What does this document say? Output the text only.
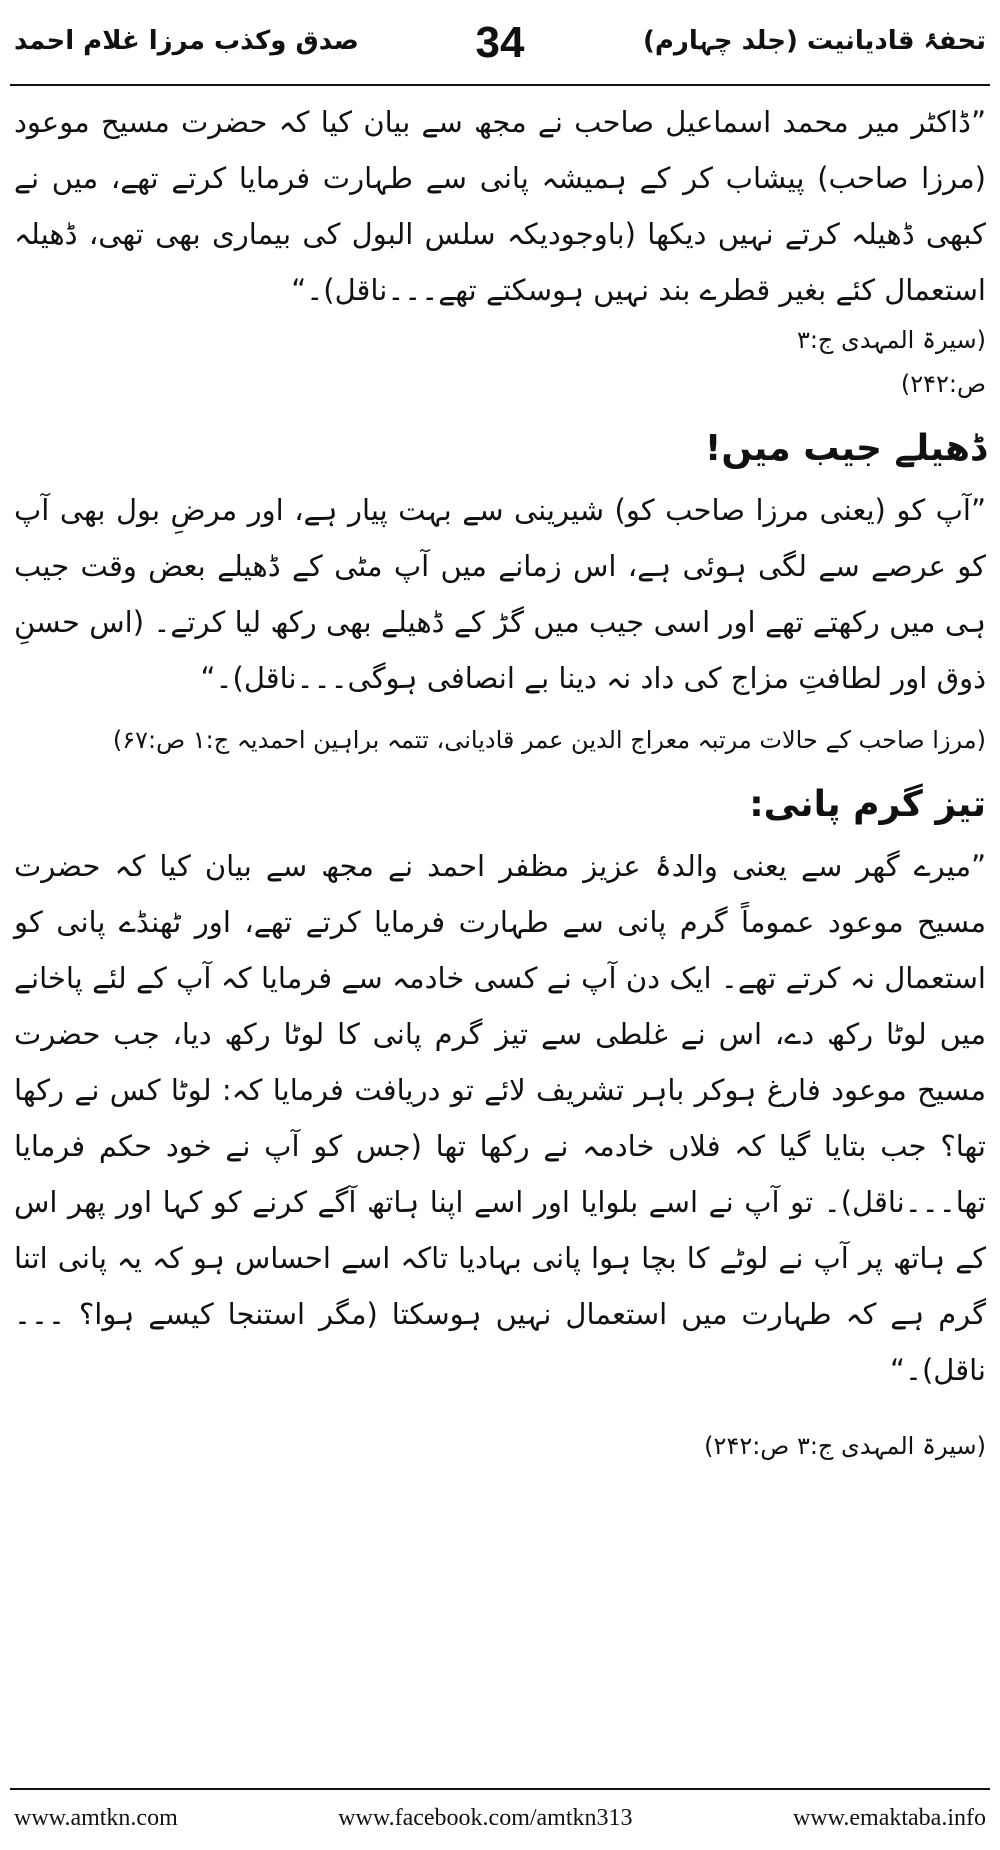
تحفۂ قادیانیت (جلد چہارم)
34
صدق وکذب مرزا غلام احمد

”ڈاکٹر میر محمد اسماعیل صاحب نے مجھ سے بیان کیا کہ حضرت مسیح موعود (مرزا صاحب) پیشاب کر کے ہمیشہ پانی سے طہارت فرمایا کرتے تھے، میں نے کبھی ڈھیلہ کرتے نہیں دیکھا (باوجودیکہ سلس البول کی بیماری بھی تھی، ڈھیلہ استعمال کئے بغیر قطرے بند نہیں ہوسکتے تھے۔۔۔ناقل)۔“

(سیرۃ المہدی ج:۳
ص:۲۴۲)

ڈھیلے جیب میں!

”آپ کو (یعنی مرزا صاحب کو) شیرینی سے بہت پیار ہے، اور مرضِ بول بھی آپ کو عرصے سے لگی ہوئی ہے، اس زمانے میں آپ مٹی کے ڈھیلے بعض وقت جیب ہی میں رکھتے تھے اور اسی جیب میں گڑ کے ڈھیلے بھی رکھ لیا کرتے۔ (اس حسنِ ذوق اور لطافتِ مزاج کی داد نہ دینا بے انصافی ہوگی۔۔۔ناقل)۔“

(مرزا صاحب کے حالات مرتبہ معراج الدین عمر قادیانی، تتمہ براہین احمدیہ ج:۱ ص:۶۷)

تیز گرم پانی:

”میرے گھر سے یعنی والدۂ عزیز مظفر احمد نے مجھ سے بیان کیا کہ حضرت مسیح موعود عموماً گرم پانی سے طہارت فرمایا کرتے تھے، اور ٹھنڈے پانی کو استعمال نہ کرتے تھے۔ ایک دن آپ نے کسی خادمہ سے فرمایا کہ آپ کے لئے پاخانے میں لوٹا رکھ دے، اس نے غلطی سے تیز گرم پانی کا لوٹا رکھ دیا، جب حضرت مسیح موعود فارغ ہوکر باہر تشریف لائے تو دریافت فرمایا کہ: لوٹا کس نے رکھا تھا؟ جب بتایا گیا کہ فلاں خادمہ نے رکھا تھا (جس کو آپ نے خود حکم فرمایا تھا۔۔۔ناقل)۔ تو آپ نے اسے بلوایا اور اسے اپنا ہاتھ آگے کرنے کو کہا اور پھر اس کے ہاتھ پر آپ نے لوٹے کا بچا ہوا پانی بہادیا تاکہ اسے احساس ہو کہ یہ پانی اتنا گرم ہے کہ طہارت میں استعمال نہیں ہوسکتا (مگر استنجا کیسے ہوا؟ ۔۔۔ناقل)۔“

(سیرۃ المہدی ج:۳ ص:۲۴۲)

www.amtkn.com	www.facebook.com/amtkn313	www.emaktaba.info
